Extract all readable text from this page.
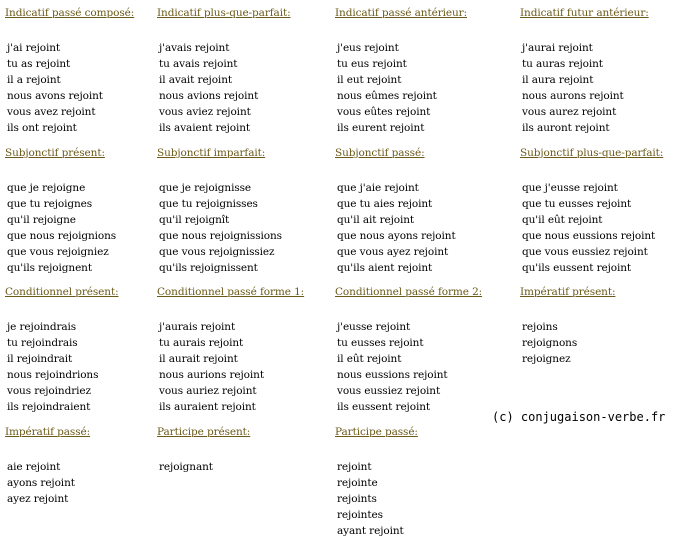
Indicatif passé composé:
j'ai rejoint
tu as rejoint
il a rejoint
nous avons rejoint
vous avez rejoint
ils ont rejoint
Indicatif plus-que-parfait:
j'avais rejoint
tu avais rejoint
il avait rejoint
nous avions rejoint
vous aviez rejoint
ils avaient rejoint
Indicatif passé antérieur:
j'eus rejoint
tu eus rejoint
il eut rejoint
nous eûmes rejoint
vous eûtes rejoint
ils eurent rejoint
Indicatif futur antérieur:
j'aurai rejoint
tu auras rejoint
il aura rejoint
nous aurons rejoint
vous aurez rejoint
ils auront rejoint
Subjonctif présent:
que je rejoigne
que tu rejoignes
qu'il rejoigne
que nous rejoignions
que vous rejoigniez
qu'ils rejoignent
Subjonctif imparfait:
que je rejoignisse
que tu rejoignisses
qu'il rejoignît
que nous rejoignissions
que vous rejoignissiez
qu'ils rejoignissent
Subjonctif passé:
que j'aie rejoint
que tu aies rejoint
qu'il ait rejoint
que nous ayons rejoint
que vous ayez rejoint
qu'ils aient rejoint
Subjonctif plus-que-parfait:
que j'eusse rejoint
que tu eusses rejoint
qu'il eût rejoint
que nous eussions rejoint
que vous eussiez rejoint
qu'ils eussent rejoint
Conditionnel présent:
je rejoindrais
tu rejoindrais
il rejoindrait
nous rejoindrions
vous rejoindriez
ils rejoindraient
Conditionnel passé forme 1:
j'aurais rejoint
tu aurais rejoint
il aurait rejoint
nous aurions rejoint
vous auriez rejoint
ils auraient rejoint
Conditionnel passé forme 2:
j'eusse rejoint
tu eusses rejoint
il eût rejoint
nous eussions rejoint
vous eussiez rejoint
ils eussent rejoint
Impératif présent:
rejoins
rejoignons
rejoignez
(c) conjugaison-verbe.fr
Impératif passé:
aie rejoint
ayons rejoint
ayez rejoint
Participe présent:
rejoignant
Participe passé:
rejoint
rejointe
rejoints
rejointes
ayant rejoint
